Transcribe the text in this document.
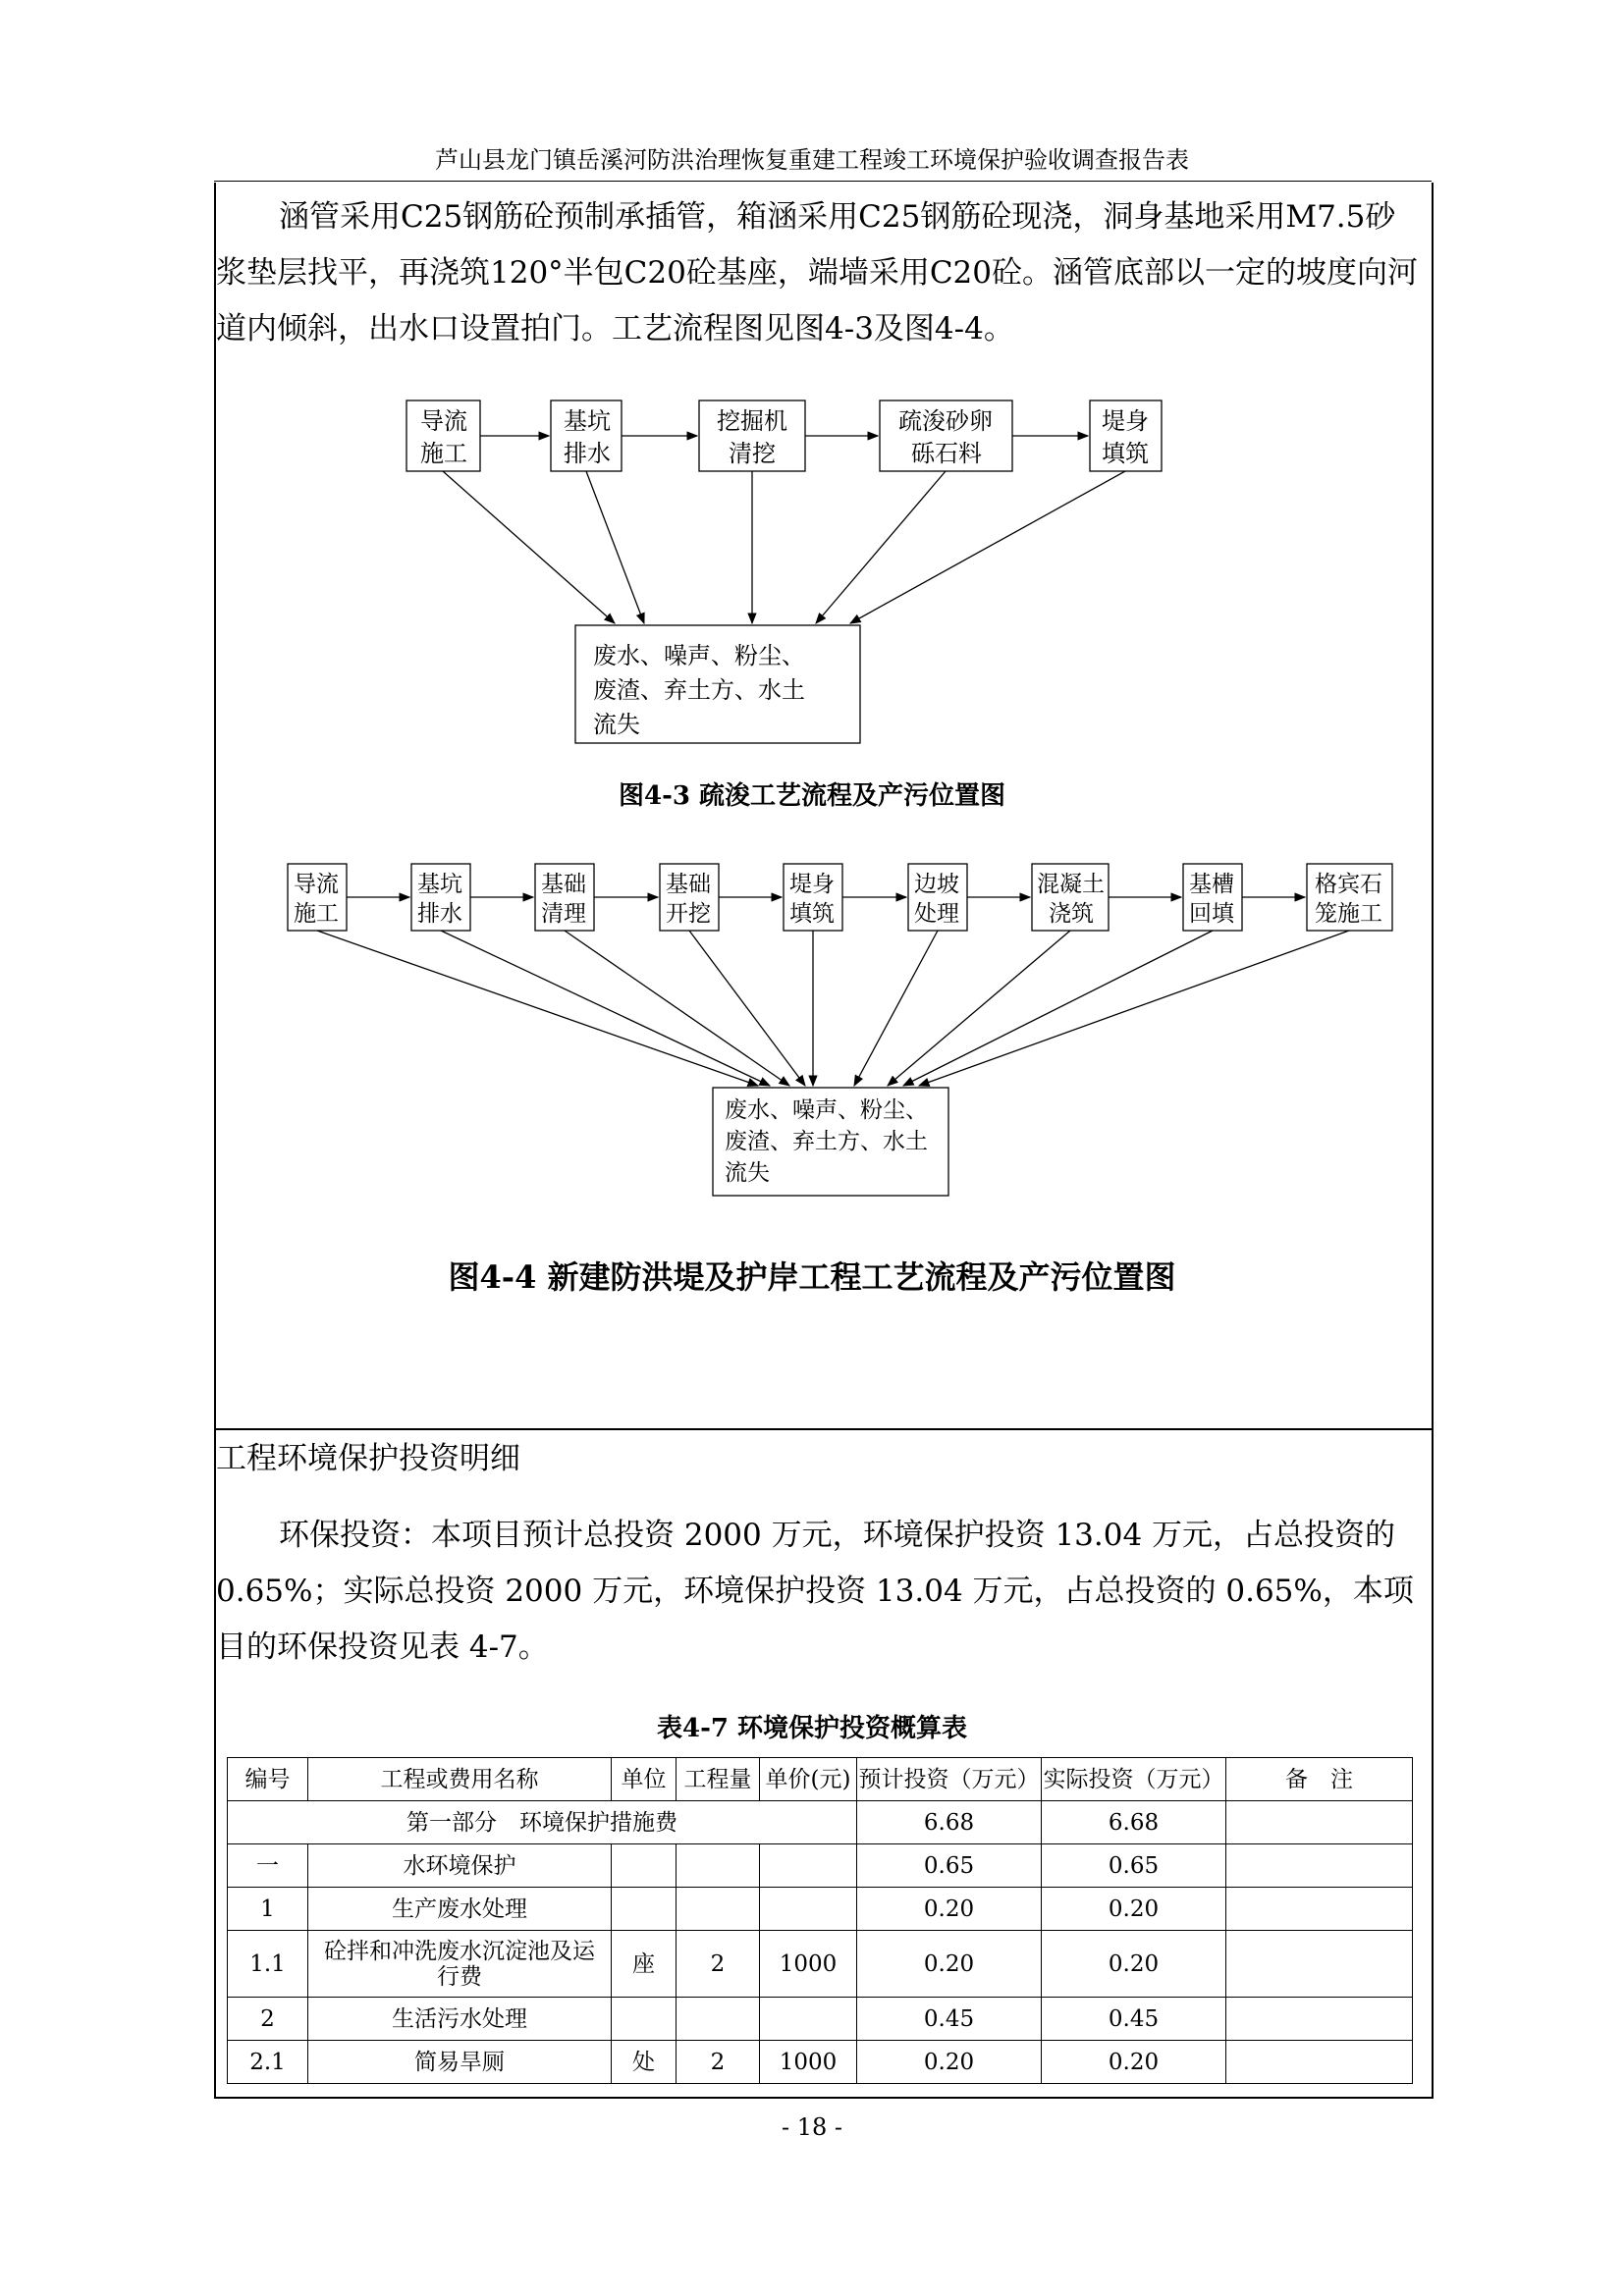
芦山县龙门镇岳溪河防洪治理恢复重建工程竣工环境保护验收调查报告表
涵管采用C25钢筋砼预制承插管，箱涵采用C25钢筋砼现浇，洞身基地采用M7.5砂浆垫层找平，再浇筑120°半包C20砼基座，端墙采用C20砼。涵管底部以一定的坡度向河道内倾斜，出水口设置拍门。工艺流程图见图4-3及图4-4。
导流
施工
基坑
排水
挖掘机
清挖
疏浚砂卵
砾石料
堤身
填筑
废水、噪声、粉尘、
废渣、弃土方、水土
流失
导流
施工
基坑
排水
基础
清理
基础
开挖
堤身
填筑
边坡
处理
混凝土
浇筑
基槽
回填
格宾石
笼施工
废水、噪声、粉尘、
废渣、弃土方、水土
流失
图4-3 疏浚工艺流程及产污位置图
图4-4 新建防洪堤及护岸工程工艺流程及产污位置图
工程环境保护投资明细
环保投资：本项目预计总投资 2000 万元，环境保护投资 13.04 万元，占总投资的 0.65%；实际总投资 2000 万元，环境保护投资 13.04 万元，占总投资的 0.65%，本项目的环保投资见表 4-7。
表4-7 环境保护投资概算表
编号	工程或费用名称	单位	工程量	单价(元)	预计投资（万元）	实际投资（万元）	备　注
第一部分　环境保护措施费					6.68	6.68	
一	水环境保护				0.65	0.65	
1	生产废水处理				0.20	0.20	
1.1	砼拌和冲洗废水沉淀池及运行费	座	2	1000	0.20	0.20	
2	生活污水处理				0.45	0.45	
2.1	简易旱厕	处	2	1000	0.20	0.20	
- 18 -
